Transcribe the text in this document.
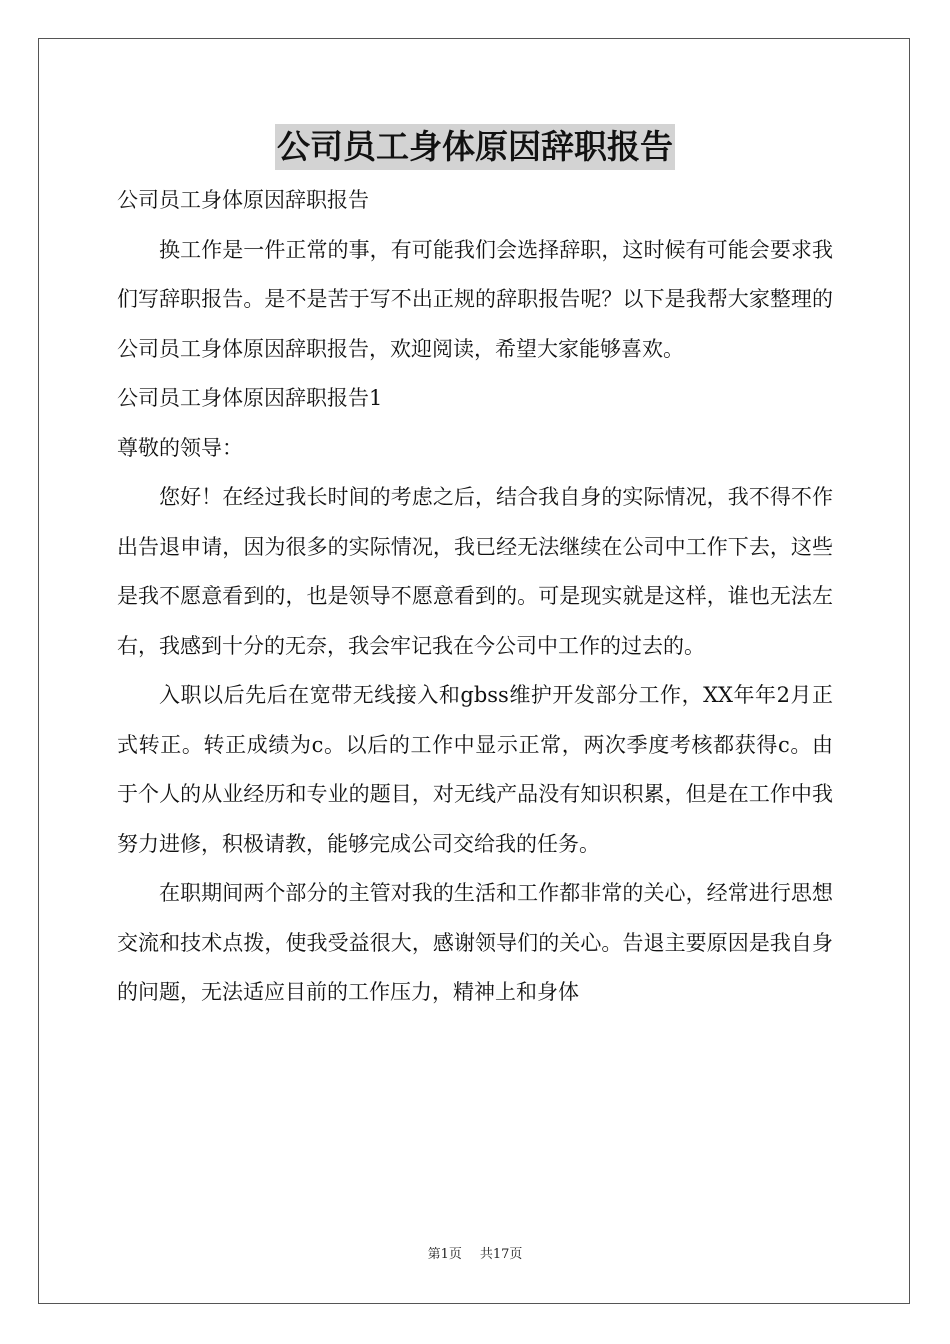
公司员工身体原因辞职报告

公司员工身体原因辞职报告

换工作是一件正常的事，有可能我们会选择辞职，这时候有可能会要求我们写辞职报告。是不是苦于写不出正规的辞职报告呢？以下是我帮大家整理的公司员工身体原因辞职报告，欢迎阅读，希望大家能够喜欢。

公司员工身体原因辞职报告1

尊敬的领导：

您好！在经过我长时间的考虑之后，结合我自身的实际情况，我不得不作出告退申请，因为很多的实际情况，我已经无法继续在公司中工作下去，这些是我不愿意看到的，也是领导不愿意看到的。可是现实就是这样，谁也无法左右，我感到十分的无奈，我会牢记我在今公司中工作的过去的。

入职以后先后在宽带无线接入和gbss维护开发部分工作，XX年年2月正式转正。转正成绩为c。以后的工作中显示正常，两次季度考核都获得c。由于个人的从业经历和专业的题目，对无线产品没有知识积累，但是在工作中我努力进修，积极请教，能够完成公司交给我的任务。

在职期间两个部分的主管对我的生活和工作都非常的关心，经常进行思想交流和技术点拨，使我受益很大，感谢领导们的关心。告退主要原因是我自身的问题，无法适应目前的工作压力，精神上和身体

第1页 共17页
